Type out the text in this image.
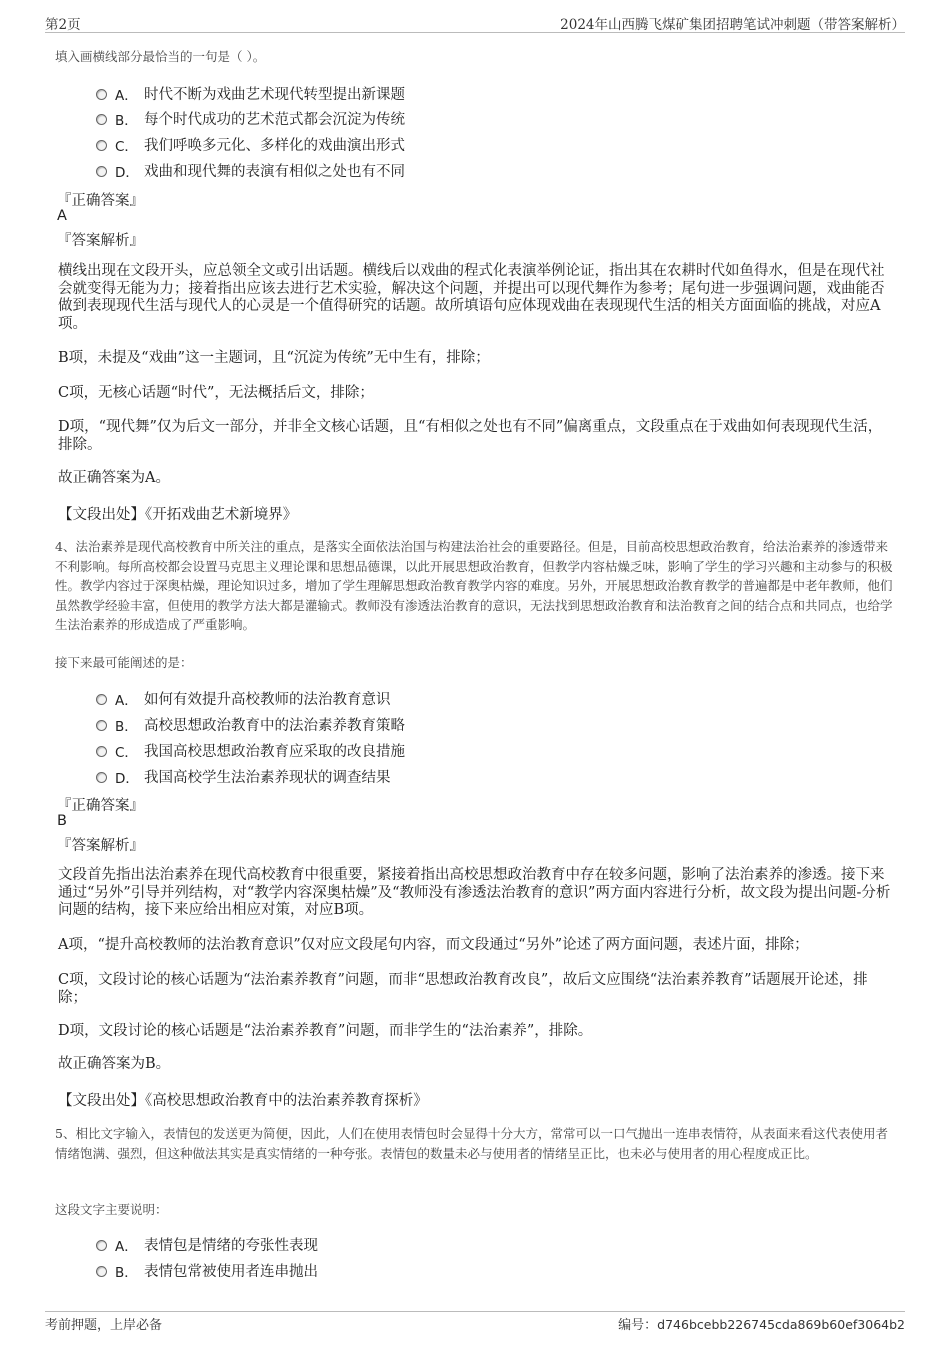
第2页	2024年山西腾飞煤矿集团招聘笔试冲刺题（带答案解析）
填入画横线部分最恰当的一句是（ ）。
A． 时代不断为戏曲艺术现代转型提出新课题
B． 每个时代成功的艺术范式都会沉淀为传统
C． 我们呼唤多元化、多样化的戏曲演出形式
D． 戏曲和现代舞的表演有相似之处也有不同
『正确答案』
A
『答案解析』
横线出现在文段开头，应总领全文或引出话题。横线后以戏曲的程式化表演举例论证，指出其在农耕时代如鱼得水，但是在现代社会就变得无能为力；接着指出应该去进行艺术实验，解决这个问题，并提出可以现代舞作为参考；尾句进一步强调问题，戏曲能否做到表现现代生活与现代人的心灵是一个值得研究的话题。故所填语句应体现戏曲在表现现代生活的相关方面面临的挑战，对应A项。
B项，未提及“戏曲”这一主题词，且“沉淀为传统”无中生有，排除；
C项，无核心话题“时代”，无法概括后文，排除；
D项，“现代舞”仅为后文一部分，并非全文核心话题，且“有相似之处也有不同”偏离重点，文段重点在于戏曲如何表现现代生活，排除。
故正确答案为A。
【文段出处】《开拓戏曲艺术新境界》
4、法治素养是现代高校教育中所关注的重点，是落实全面依法治国与构建法治社会的重要路径。但是，目前高校思想政治教育，给法治素养的渗透带来不利影响。每所高校都会设置马克思主义理论课和思想品德课，以此开展思想政治教育，但教学内容枯燥乏味，影响了学生的学习兴趣和主动参与的积极性。教学内容过于深奥枯燥，理论知识过多，增加了学生理解思想政治教育教学内容的难度。另外，开展思想政治教育教学的普遍都是中老年教师，他们虽然教学经验丰富，但使用的教学方法大都是灌输式。教师没有渗透法治教育的意识，无法找到思想政治教育和法治教育之间的结合点和共同点，也给学生法治素养的形成造成了严重影响。
接下来最可能阐述的是：
A． 如何有效提升高校教师的法治教育意识
B． 高校思想政治教育中的法治素养教育策略
C． 我国高校思想政治教育应采取的改良措施
D． 我国高校学生法治素养现状的调查结果
『正确答案』
B
『答案解析』
文段首先指出法治素养在现代高校教育中很重要，紧接着指出高校思想政治教育中存在较多问题，影响了法治素养的渗透。接下来通过“另外”引导并列结构，对“教学内容深奥枯燥”及“教师没有渗透法治教育的意识”两方面内容进行分析，故文段为提出问题-分析问题的结构，接下来应给出相应对策，对应B项。
A项，“提升高校教师的法治教育意识”仅对应文段尾句内容，而文段通过“另外”论述了两方面问题，表述片面，排除；
C项，文段讨论的核心话题为“法治素养教育”问题，而非“思想政治教育改良”，故后文应围绕“法治素养教育”话题展开论述，排除；
D项，文段讨论的核心话题是“法治素养教育”问题，而非学生的“法治素养”，排除。
故正确答案为B。
【文段出处】《高校思想政治教育中的法治素养教育探析》
5、相比文字输入，表情包的发送更为简便，因此，人们在使用表情包时会显得十分大方，常常可以一口气抛出一连串表情符，从表面来看这代表使用者情绪饱满、强烈，但这种做法其实是真实情绪的一种夸张。表情包的数量未必与使用者的情绪呈正比，也未必与使用者的用心程度成正比。
这段文字主要说明：
A． 表情包是情绪的夸张性表现
B． 表情包常被使用者连串抛出
考前押题，上岸必备	编号：d746bcebb226745cda869b60ef3064b2
